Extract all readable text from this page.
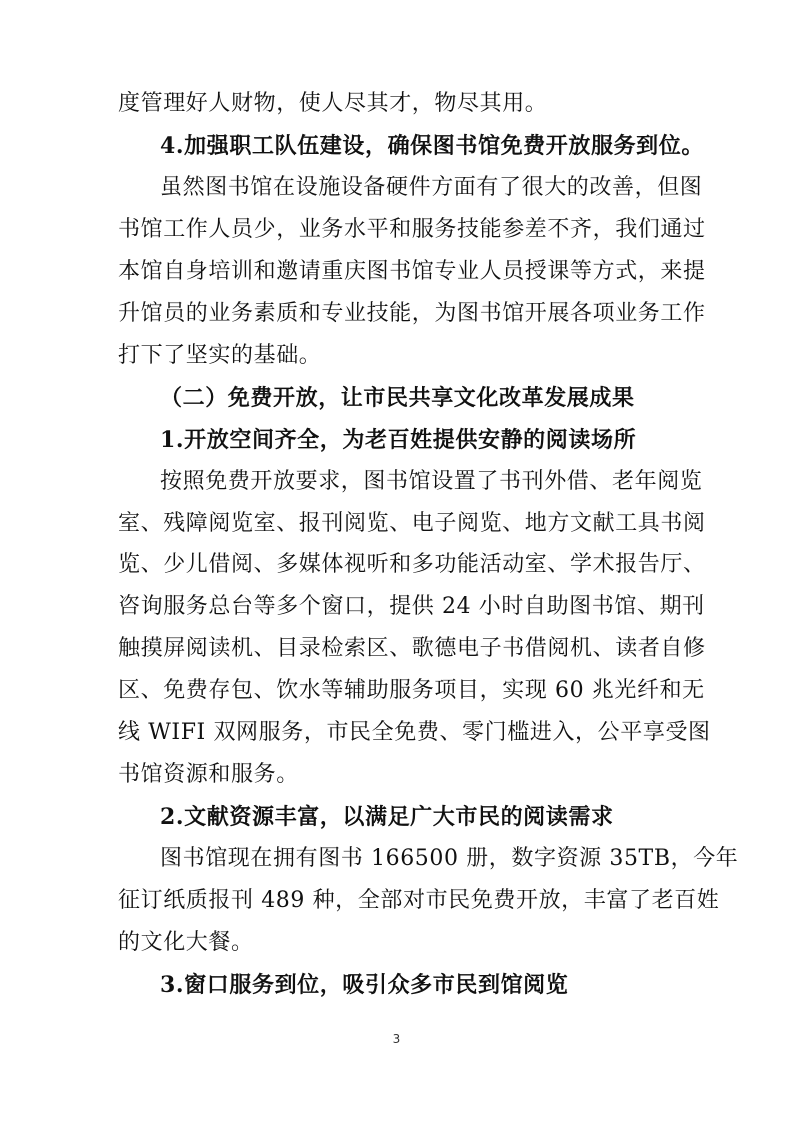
3
度管理好人财物，使人尽其才，物尽其用。
4.加强职工队伍建设，确保图书馆免费开放服务到位。
虽然图书馆在设施设备硬件方面有了很大的改善，但图
书馆工作人员少，业务水平和服务技能参差不齐，我们通过
本馆自身培训和邀请重庆图书馆专业人员授课等方式，来提
升馆员的业务素质和专业技能，为图书馆开展各项业务工作
打下了坚实的基础。
（二）免费开放，让市民共享文化改革发展成果
1.开放空间齐全，为老百姓提供安静的阅读场所
按照免费开放要求，图书馆设置了书刊外借、老年阅览
室、残障阅览室、报刊阅览、电子阅览、地方文献工具书阅
览、少儿借阅、多媒体视听和多功能活动室、学术报告厅、
咨询服务总台等多个窗口，提供 24 小时自助图书馆、期刊
触摸屏阅读机、目录检索区、歌德电子书借阅机、读者自修
区、免费存包、饮水等辅助服务项目，实现 60 兆光纤和无
线 WIFI 双网服务，市民全免费、零门槛进入，公平享受图
书馆资源和服务。
2.文献资源丰富，以满足广大市民的阅读需求
图书馆现在拥有图书 166500 册，数字资源 35TB，今年
征订纸质报刊 489 种，全部对市民免费开放，丰富了老百姓
的文化大餐。
3.窗口服务到位，吸引众多市民到馆阅览
